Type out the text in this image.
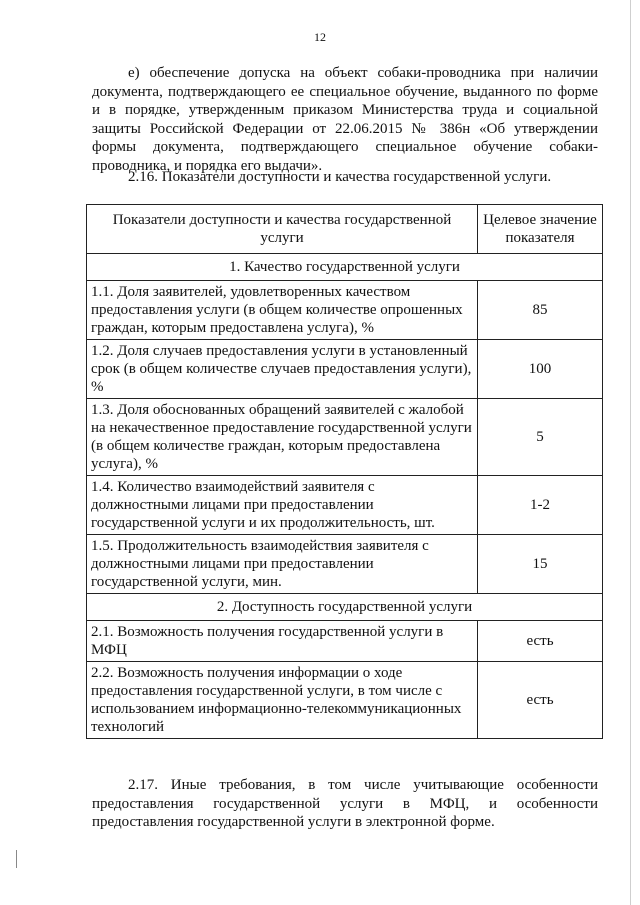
12

е) обеспечение допуска на объект собаки-проводника при наличии документа, подтверждающего ее специальное обучение, выданного по форме и в порядке, утвержденным приказом Министерства труда и социальной защиты Российской Федерации от 22.06.2015 № 386н «Об утверждении формы документа, подтверждающего специальное обучение собаки-проводника, и порядка его выдачи».

2.16. Показатели доступности и качества государственной услуги.

Показатели доступности и качества государственной услуги	Целевое значение показателя
1. Качество государственной услуги	
1.1. Доля заявителей, удовлетворенных качеством предоставления услуги (в общем количестве опрошенных граждан, которым предоставлена услуга), %	85
1.2. Доля случаев предоставления услуги в установленный срок (в общем количестве случаев предоставления услуги), %	100
1.3. Доля обоснованных обращений заявителей с жалобой на некачественное предоставление государственной услуги (в общем количестве граждан, которым предоставлена услуга), %	5
1.4. Количество взаимодействий заявителя с должностными лицами при предоставлении государственной услуги и их продолжительность, шт.	1-2
1.5. Продолжительность взаимодействия заявителя с должностными лицами при предоставлении государственной услуги, мин.	15
2. Доступность государственной услуги	
2.1. Возможность получения государственной услуги в МФЦ	есть
2.2. Возможность получения информации о ходе предоставления государственной услуги, в том числе с использованием информационно-телекоммуникационных технологий	есть

2.17. Иные требования, в том числе учитывающие особенности предоставления государственной услуги в МФЦ, и особенности предоставления государственной услуги в электронной форме.
